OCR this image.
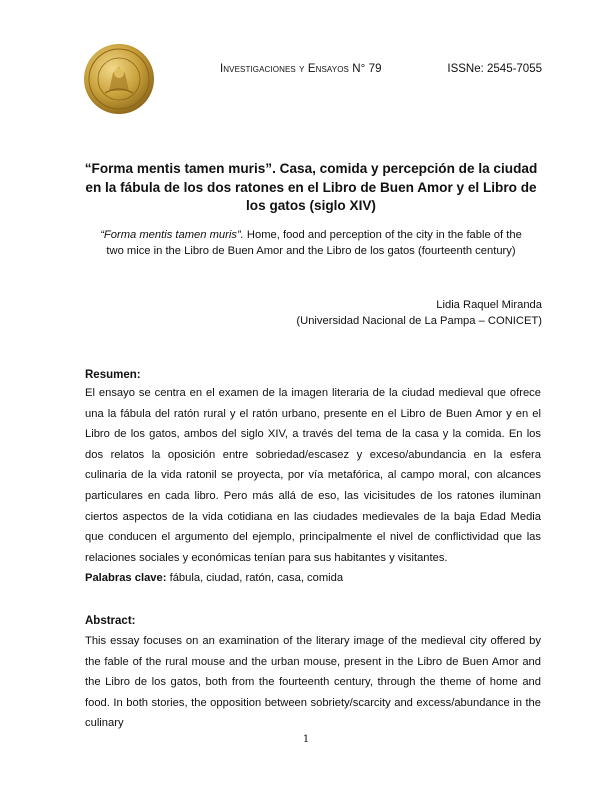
Investigaciones y Ensayos N° 79	ISSNe: 2545-7055
“Forma mentis tamen muris”. Casa, comida y percepción de la ciudad en la fábula de los dos ratones en el Libro de Buen Amor y el Libro de los gatos (siglo XIV)
“Forma mentis tamen muris”. Home, food and perception of the city in the fable of the two mice in the Libro de Buen Amor and the Libro de los gatos (fourteenth century)
Lidia Raquel Miranda
(Universidad Nacional de La Pampa – CONICET)
Resumen:
El ensayo se centra en el examen de la imagen literaria de la ciudad medieval que ofrece una la fábula del ratón rural y el ratón urbano, presente en el Libro de Buen Amor y en el Libro de los gatos, ambos del siglo XIV, a través del tema de la casa y la comida. En los dos relatos la oposición entre sobriedad/escasez y exceso/abundancia en la esfera culinaria de la vida ratonil se proyecta, por vía metafórica, al campo moral, con alcances particulares en cada libro. Pero más allá de eso, las vicisitudes de los ratones iluminan ciertos aspectos de la vida cotidiana en las ciudades medievales de la baja Edad Media que conducen el argumento del ejemplo, principalmente el nivel de conflictividad que las relaciones sociales y económicas tenían para sus habitantes y visitantes.
Palabras clave: fábula, ciudad, ratón, casa, comida
Abstract:
This essay focuses on an examination of the literary image of the medieval city offered by the fable of the rural mouse and the urban mouse, present in the Libro de Buen Amor and the Libro de los gatos, both from the fourteenth century, through the theme of home and food. In both stories, the opposition between sobriety/scarcity and excess/abundance in the culinary
1
